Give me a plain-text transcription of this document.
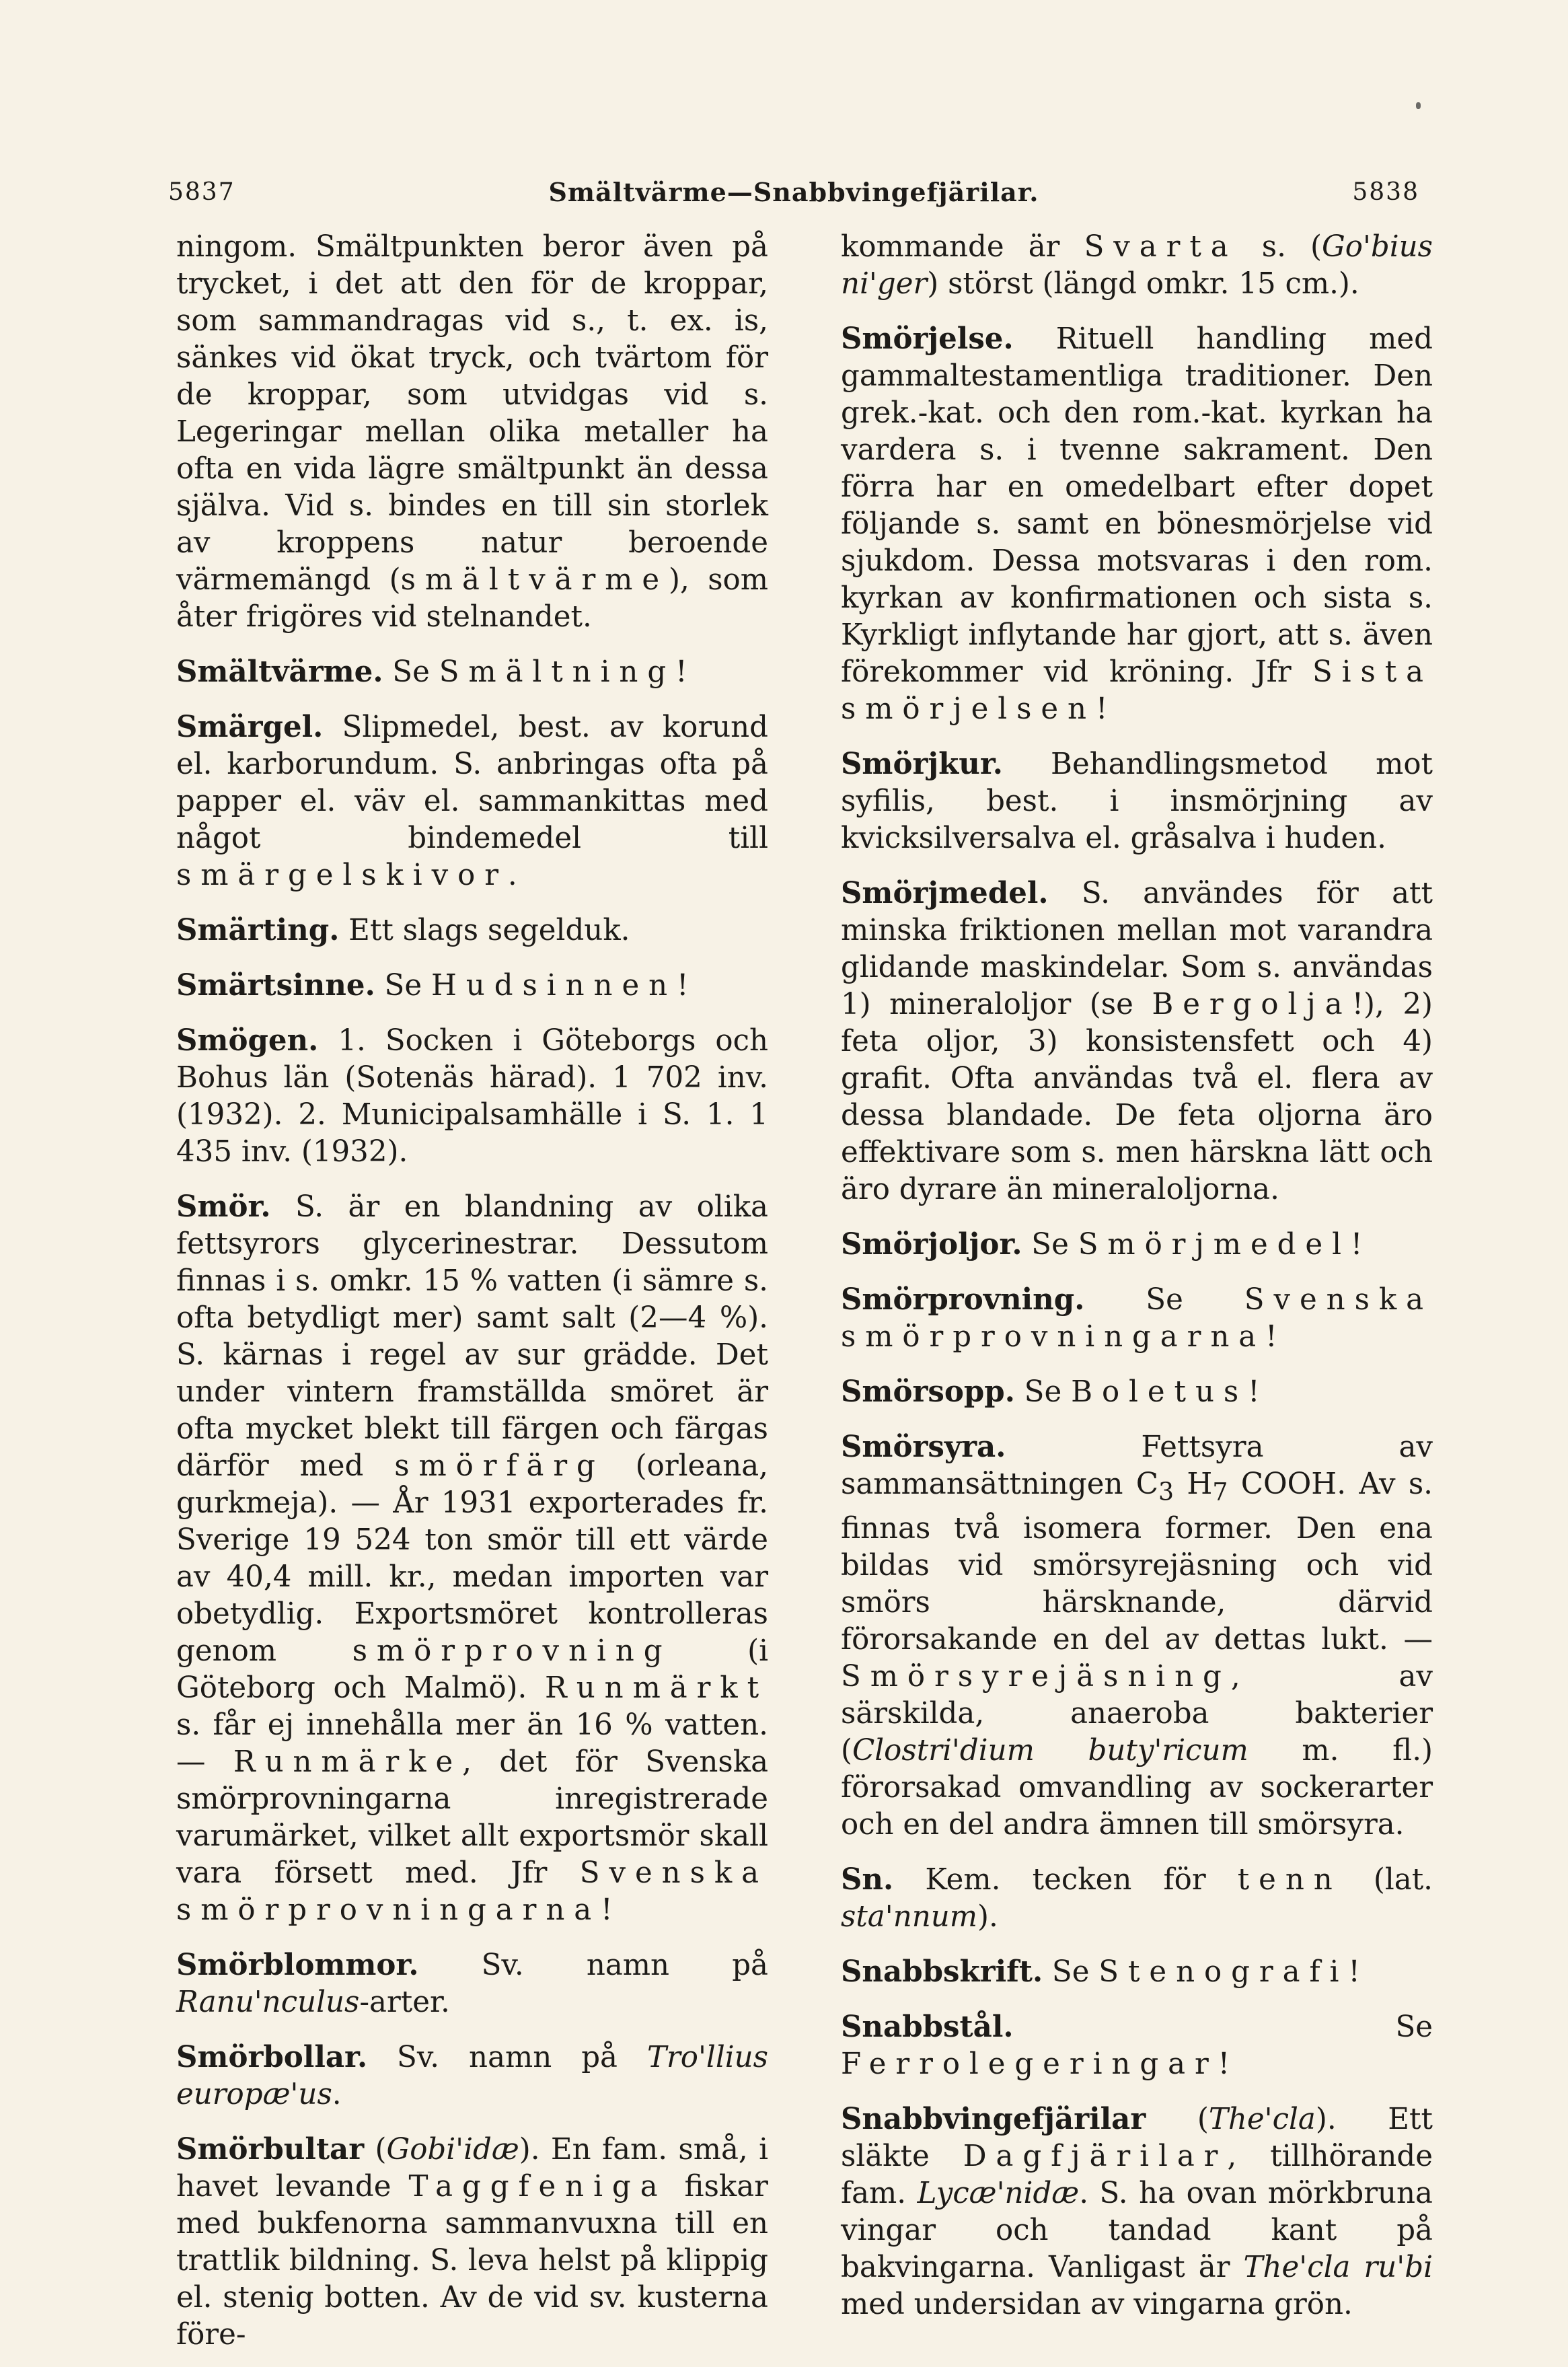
5837	Smältvärme—Snabbvingefjärilar.	5838

ningom. Smältpunkten beror även på trycket, i det att den för de kroppar, som sammandragas vid s., t. ex. is, sänkes vid ökat tryck, och tvärtom för de kroppar, som utvidgas vid s. Legeringar mellan olika metaller ha ofta en vida lägre smältpunkt än dessa själva. Vid s. bindes en till sin storlek av kroppens natur beroende värmemängd (smältvärme), som åter frigöres vid stelnandet.

Smältvärme. Se Smältning!

Smärgel. Slipmedel, best. av korund el. karborundum. S. anbringas ofta på papper el. väv el. sammankittas med något bindemedel till smärgelskivor.

Smärting. Ett slags segelduk.

Smärtsinne. Se Hudsinnen!

Smögen. 1. Socken i Göteborgs och Bohus län (Sotenäs härad). 1 702 inv. (1932). 2. Municipalsamhälle i S. 1. 1 435 inv. (1932).

Smör. S. är en blandning av olika fettsyrors glycerinestrar. Dessutom finnas i s. omkr. 15 % vatten (i sämre s. ofta betydligt mer) samt salt (2—4 %). S. kärnas i regel av sur grädde. Det under vintern framställda smöret är ofta mycket blekt till färgen och färgas därför med smörfärg (orleana, gurkmeja). — År 1931 exporterades fr. Sverige 19 524 ton smör till ett värde av 40,4 mill. kr., medan importen var obetydlig. Exportsmöret kontrolleras genom smörprovning (i Göteborg och Malmö). Runmärkt s. får ej innehålla mer än 16 % vatten. — Runmärke, det för Svenska smörprovningarna inregistrerade varumärket, vilket allt exportsmör skall vara försett med. Jfr Svenska smörprovningarna!

Smörblommor. Sv. namn på Ranu'nculus-arter.

Smörbollar. Sv. namn på Tro'llius europæ'us.

Smörbultar (Gobi'idæ). En fam. små, i havet levande Taggfeniga fiskar med bukfenorna sammanvuxna till en trattlik bildning. S. leva helst på klippig el. stenig botten. Av de vid sv. kusterna före-

kommande är Svarta s. (Go'bius ni'ger) störst (längd omkr. 15 cm.).

Smörjelse. Rituell handling med gammaltestamentliga traditioner. Den grek.-kat. och den rom.-kat. kyrkan ha vardera s. i tvenne sakrament. Den förra har en omedelbart efter dopet följande s. samt en bönesmörjelse vid sjukdom. Dessa motsvaras i den rom. kyrkan av konfirmationen och sista s. Kyrkligt inflytande har gjort, att s. även förekommer vid kröning. Jfr Sista smörjelsen!

Smörjkur. Behandlingsmetod mot syfilis, best. i insmörjning av kvicksilversalva el. gråsalva i huden.

Smörjmedel. S. användes för att minska friktionen mellan mot varandra glidande maskindelar. Som s. användas 1) mineraloljor (se Bergolja!), 2) feta oljor, 3) konsistensfett och 4) grafit. Ofta användas två el. flera av dessa blandade. De feta oljorna äro effektivare som s. men härskna lätt och äro dyrare än mineraloljorna.

Smörjoljor. Se Smörjmedel!

Smörprovning. Se Svenska smörprovningarna!

Smörsopp. Se Boletus!

Smörsyra. Fettsyra av sammansättningen $C_3$ $H_7$ COOH. Av s. finnas två isomera former. Den ena bildas vid smörsyrejäsning och vid smörs härsknande, därvid förorsakande en del av dettas lukt. — Smörsyrejäsning, av särskilda, anaeroba bakterier (Clostri'dium buty'ricum m. fl.) förorsakad omvandling av sockerarter och en del andra ämnen till smörsyra.

Sn. Kem. tecken för tenn (lat. sta'nnum).

Snabbskrift. Se Stenografi!

Snabbstål. Se Ferrolegeringar!

Snabbvingefjärilar (The'cla). Ett släkte Dagfjärilar, tillhörande fam. Lycæ'nidæ. S. ha ovan mörkbruna vingar och tandad kant på bakvingarna. Vanligast är The'cla ru'bi med undersidan av vingarna grön.
